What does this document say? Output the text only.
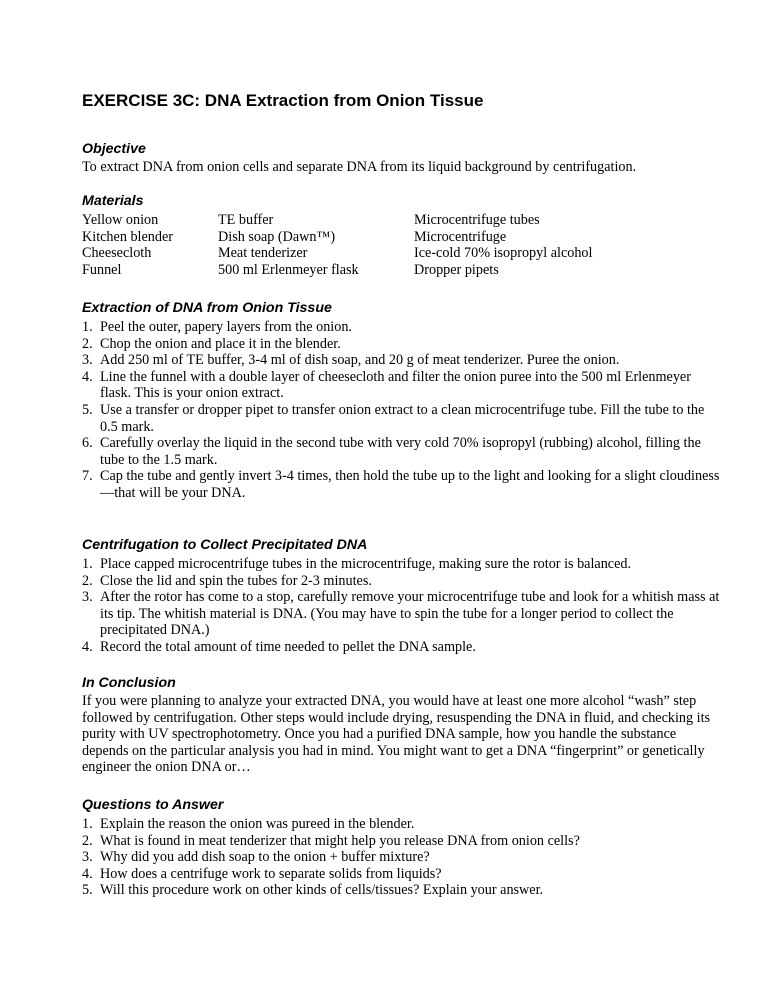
EXERCISE 3C: DNA Extraction from Onion Tissue
Objective

To extract DNA from onion cells and separate DNA from its liquid background by centrifugation.

Materials
Yellow onion
Kitchen blender
Cheesecloth
Funnel
TE buffer
Dish soap (Dawn™)
Meat tenderizer
500 ml Erlenmeyer flask
Microcentrifuge tubes
Microcentrifuge
Ice-cold 70% isopropyl alcohol
Dropper pipets
Extraction of DNA from Onion Tissue
1. Peel the outer, papery layers from the onion.
2. Chop the onion and place it in the blender.
3. Add 250 ml of TE buffer, 3-4 ml of dish soap, and 20 g of meat tenderizer. Puree the onion.
4. Line the funnel with a double layer of cheesecloth and filter the onion puree into the 500 ml Erlenmeyer flask. This is your onion extract.
5. Use a transfer or dropper pipet to transfer onion extract to a clean microcentrifuge tube. Fill the tube to the 0.5 mark.
6. Carefully overlay the liquid in the second tube with very cold 70% isopropyl (rubbing) alcohol, filling the tube to the 1.5 mark.
7. Cap the tube and gently invert 3-4 times, then hold the tube up to the light and looking for a slight cloudiness—that will be your DNA.
Centrifugation to Collect Precipitated DNA
1. Place capped microcentrifuge tubes in the microcentrifuge, making sure the rotor is balanced.
2. Close the lid and spin the tubes for 2-3 minutes.
3. After the rotor has come to a stop, carefully remove your microcentrifuge tube and look for a whitish mass at its tip. The whitish material is DNA. (You may have to spin the tube for a longer period to collect the precipitated DNA.)
4. Record the total amount of time needed to pellet the DNA sample.
In Conclusion

If you were planning to analyze your extracted DNA, you would have at least one more alcohol “wash” step followed by centrifugation. Other steps would include drying, resuspending the DNA in fluid, and checking its purity with UV spectrophotometry. Once you had a purified DNA sample, how you handle the substance depends on the particular analysis you had in mind. You might want to get a DNA “fingerprint” or genetically engineer the onion DNA or…

Questions to Answer
1. Explain the reason the onion was pureed in the blender.
2. What is found in meat tenderizer that might help you release DNA from onion cells?
3. Why did you add dish soap to the onion + buffer mixture?
4. How does a centrifuge work to separate solids from liquids?
5. Will this procedure work on other kinds of cells/tissues? Explain your answer.
